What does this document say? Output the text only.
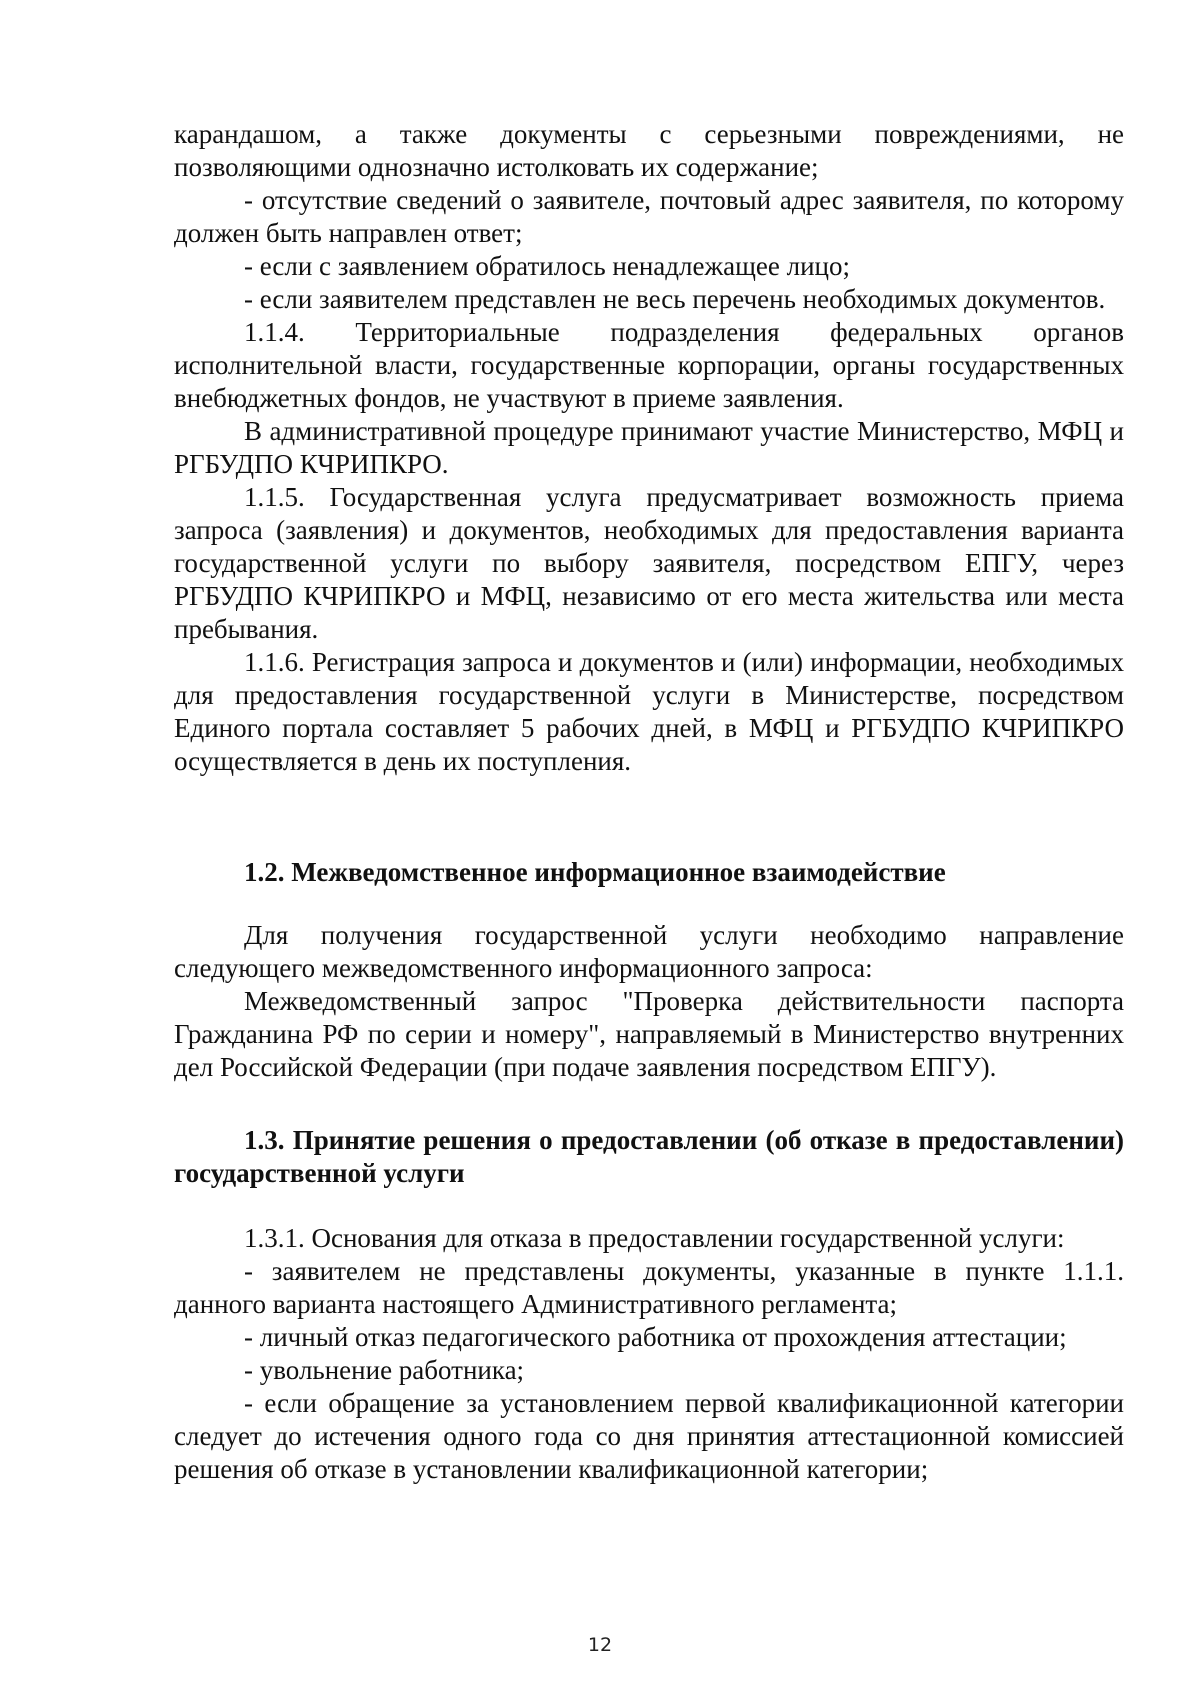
карандашом, а также документы с серьезными повреждениями, не позволяющими однозначно истолковать их содержание;

- отсутствие сведений о заявителе, почтовый адрес заявителя, по которому должен быть направлен ответ;

- если с заявлением обратилось ненадлежащее лицо;

- если заявителем представлен не весь перечень необходимых документов.

1.1.4. Территориальные подразделения федеральных органов исполнительной власти, государственные корпорации, органы государственных внебюджетных фондов, не участвуют в приеме заявления.

В административной процедуре принимают участие Министерство, МФЦ и РГБУДПО КЧРИПКРО.

1.1.5. Государственная услуга предусматривает возможность приема запроса (заявления) и документов, необходимых для предоставления варианта государственной услуги по выбору заявителя, посредством ЕПГУ, через РГБУДПО КЧРИПКРО и МФЦ, независимо от его места жительства или места пребывания.

1.1.6. Регистрация запроса и документов и (или) информации, необходимых для предоставления государственной услуги в Министерстве, посредством Единого портала составляет 5 рабочих дней, в МФЦ и РГБУДПО КЧРИПКРО осуществляется в день их поступления.

1.2. Межведомственное информационное взаимодействие

Для получения государственной услуги необходимо направление следующего межведомственного информационного запроса:

Межведомственный запрос "Проверка действительности паспорта Гражданина РФ по серии и номеру", направляемый в Министерство внутренних дел Российской Федерации (при подаче заявления посредством ЕПГУ).

1.3. Принятие решения о предоставлении (об отказе в предоставлении) государственной услуги

1.3.1. Основания для отказа в предоставлении государственной услуги:

- заявителем не представлены документы, указанные в пункте 1.1.1. данного варианта настоящего Административного регламента;

- личный отказ педагогического работника от прохождения аттестации;

- увольнение работника;

- если обращение за установлением первой квалификационной категории следует до истечения одного года со дня принятия аттестационной комиссией решения об отказе в установлении квалификационной категории;

12
